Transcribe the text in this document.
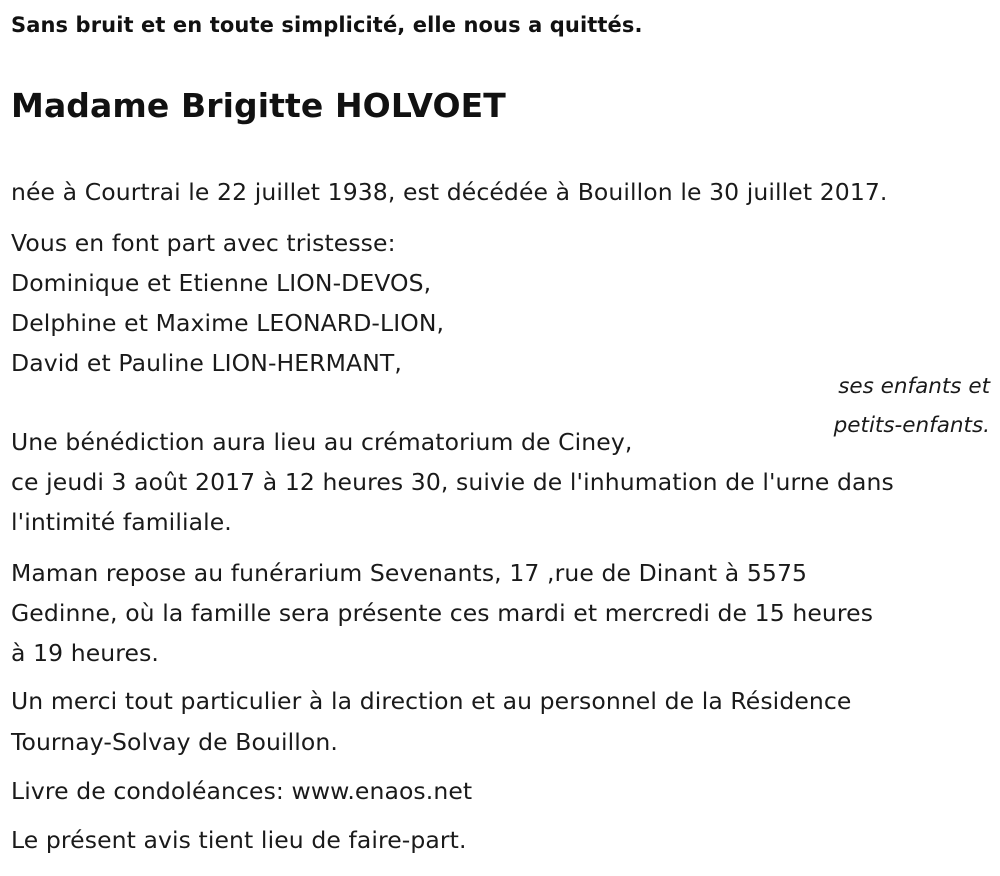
Sans bruit et en toute simplicité, elle nous a quittés.
Madame Brigitte HOLVOET
née à Courtrai le 22 juillet 1938, est décédée à Bouillon le 30 juillet 2017.
Vous en font part avec tristesse:
Dominique et Etienne LION-DEVOS,
Delphine et Maxime LEONARD-LION,
David et Pauline LION-HERMANT,
ses enfants et
petits-enfants.
Une bénédiction aura lieu au crématorium de Ciney,
ce jeudi 3 août 2017 à 12 heures 30, suivie de l'inhumation de l'urne dans
l'intimité familiale.
Maman repose au funérarium Sevenants, 17 ,rue de Dinant à 5575
Gedinne, où la famille sera présente ces mardi et mercredi de 15 heures
à 19 heures.
Un merci tout particulier à la direction et au personnel de la Résidence
Tournay-Solvay de Bouillon.
Livre de condoléances: www.enaos.net
Le présent avis tient lieu de faire-part.
